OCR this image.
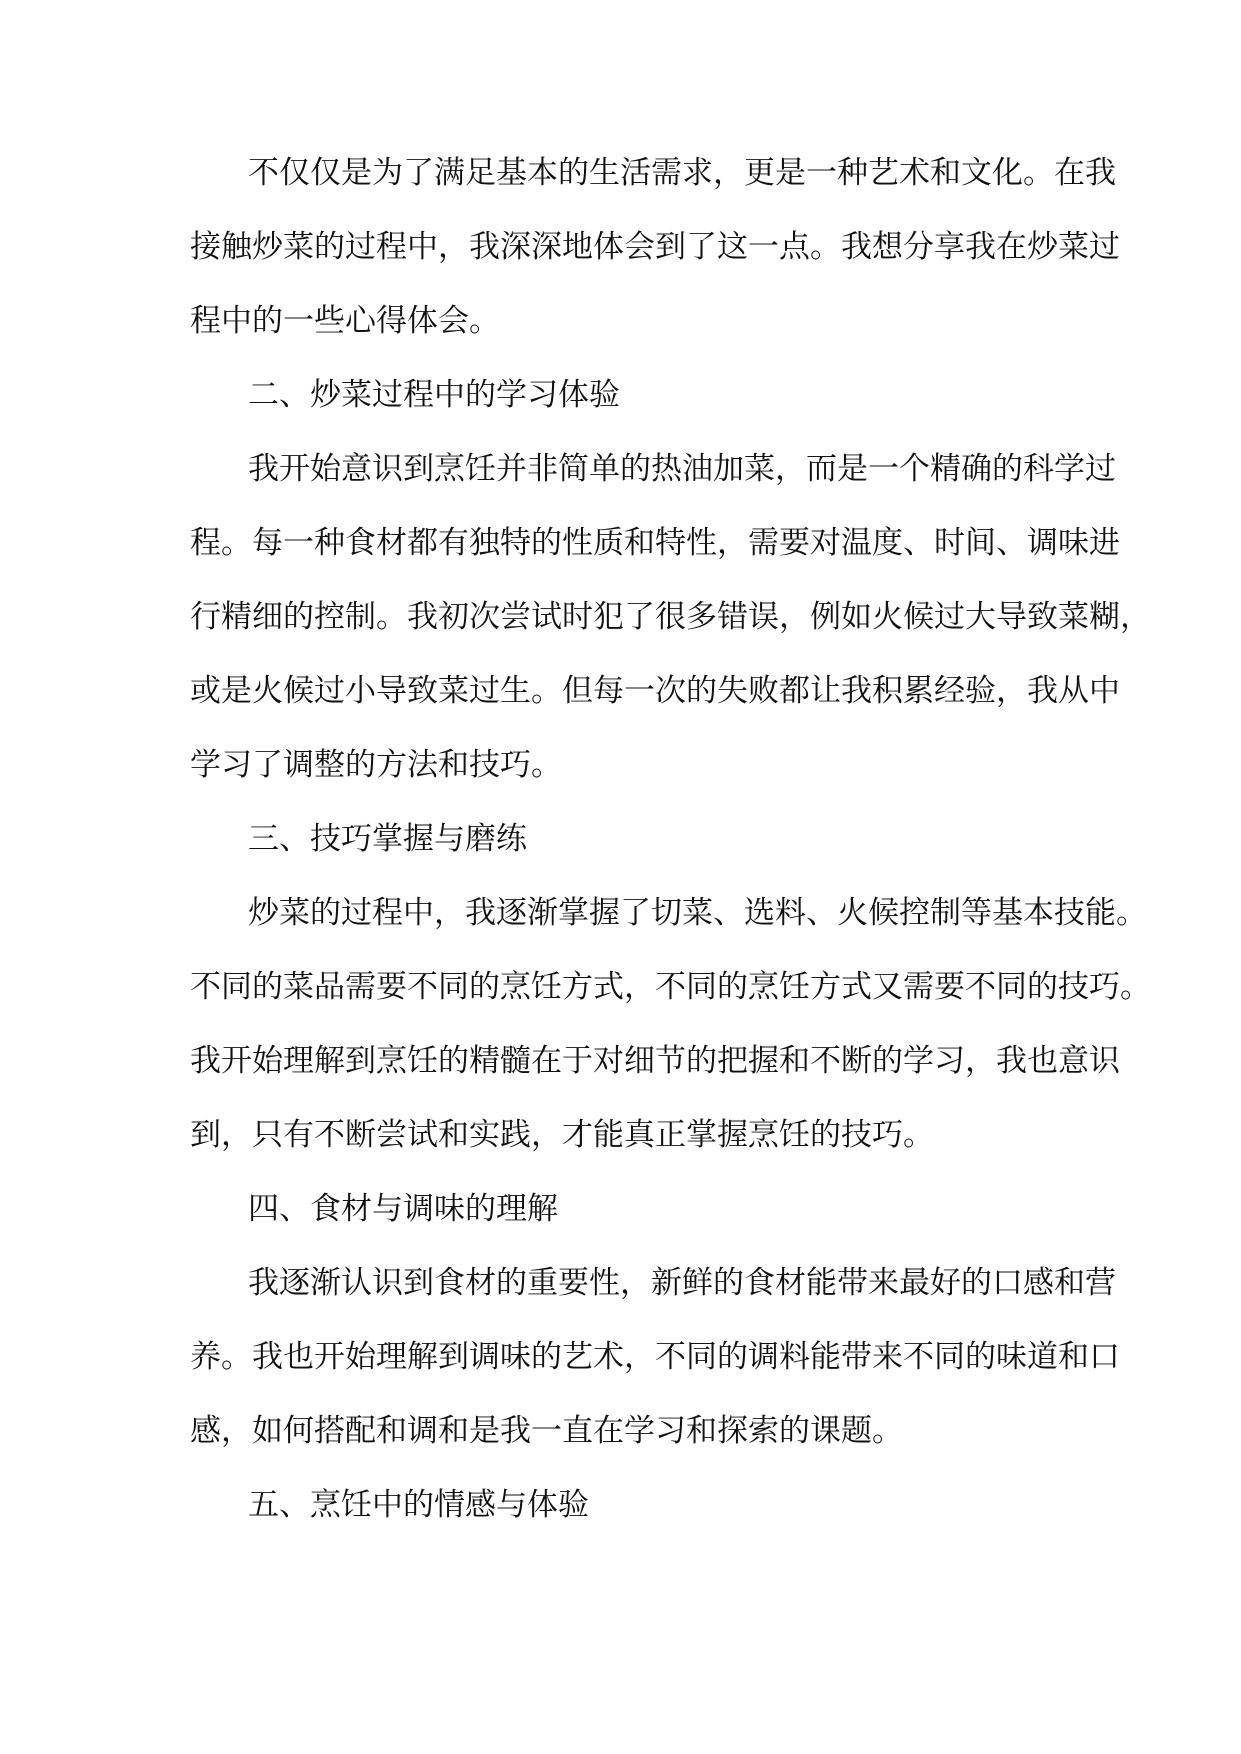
不仅仅是为了满足基本的生活需求，更是一种艺术和文化。在我
接触炒菜的过程中，我深深地体会到了这一点。我想分享我在炒菜过
程中的一些心得体会。
二、炒菜过程中的学习体验
我开始意识到烹饪并非简单的热油加菜，而是一个精确的科学过
程。每一种食材都有独特的性质和特性，需要对温度、时间、调味进
行精细的控制。我初次尝试时犯了很多错误，例如火候过大导致菜糊，
或是火候过小导致菜过生。但每一次的失败都让我积累经验，我从中
学习了调整的方法和技巧。
三、技巧掌握与磨练
炒菜的过程中，我逐渐掌握了切菜、选料、火候控制等基本技能。
不同的菜品需要不同的烹饪方式，不同的烹饪方式又需要不同的技巧。
我开始理解到烹饪的精髓在于对细节的把握和不断的学习，我也意识
到，只有不断尝试和实践，才能真正掌握烹饪的技巧。
四、食材与调味的理解
我逐渐认识到食材的重要性，新鲜的食材能带来最好的口感和营
养。我也开始理解到调味的艺术，不同的调料能带来不同的味道和口
感，如何搭配和调和是我一直在学习和探索的课题。
五、烹饪中的情感与体验
